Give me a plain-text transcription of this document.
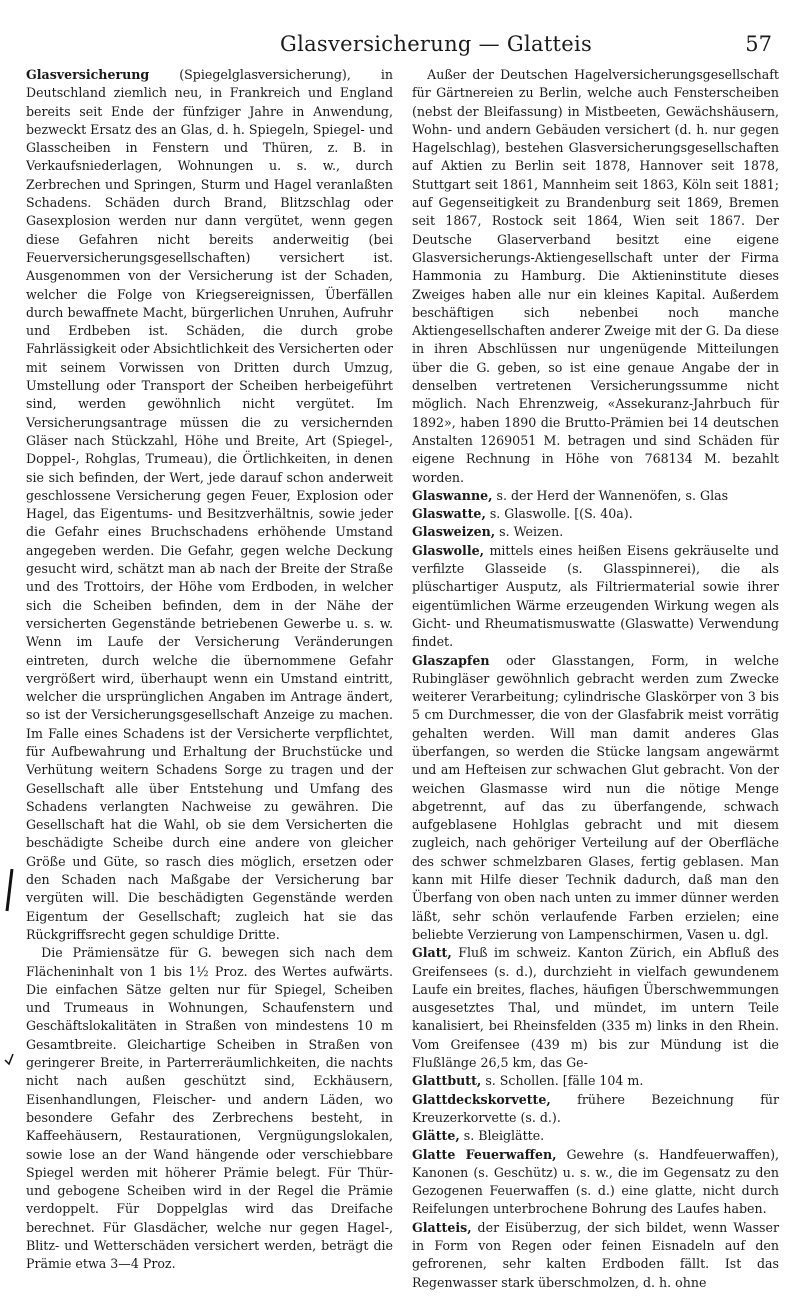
Glasversicherung — Glatteis	57

Glasversicherung (Spiegelglasversicherung), in Deutschland ziemlich neu, in Frankreich und England bereits seit Ende der fünfziger Jahre in Anwendung, bezweckt Ersatz des an Glas, d. h. Spiegeln, Spiegel- und Glasscheiben in Fenstern und Thüren, z. B. in Verkaufsniederlagen, Wohnungen u. s. w., durch Zerbrechen und Springen, Sturm und Hagel veranlaßten Schadens. Schäden durch Brand, Blitzschlag oder Gasexplosion werden nur dann vergütet, wenn gegen diese Gefahren nicht bereits anderweitig (bei Feuerversicherungsgesellschaften) versichert ist. Ausgenommen von der Versicherung ist der Schaden, welcher die Folge von Kriegsereignissen, Überfällen durch bewaffnete Macht, bürgerlichen Unruhen, Aufruhr und Erdbeben ist. Schäden, die durch grobe Fahrlässigkeit oder Absichtlichkeit des Versicherten oder mit seinem Vorwissen von Dritten durch Umzug, Umstellung oder Transport der Scheiben herbeigeführt sind, werden gewöhnlich nicht vergütet. Im Versicherungsantrage müssen die zu versichernden Gläser nach Stückzahl, Höhe und Breite, Art (Spiegel-, Doppel-, Rohglas, Trumeau), die Örtlichkeiten, in denen sie sich befinden, der Wert, jede darauf schon anderweit geschlossene Versicherung gegen Feuer, Explosion oder Hagel, das Eigentums- und Besitzverhältnis, sowie jeder die Gefahr eines Bruchschadens erhöhende Umstand angegeben werden. Die Gefahr, gegen welche Deckung gesucht wird, schätzt man ab nach der Breite der Straße und des Trottoirs, der Höhe vom Erdboden, in welcher sich die Scheiben befinden, dem in der Nähe der versicherten Gegenstände betriebenen Gewerbe u. s. w. Wenn im Laufe der Versicherung Veränderungen eintreten, durch welche die übernommene Gefahr vergrößert wird, überhaupt wenn ein Umstand eintritt, welcher die ursprünglichen Angaben im Antrage ändert, so ist der Versicherungsgesellschaft Anzeige zu machen. Im Falle eines Schadens ist der Versicherte verpflichtet, für Aufbewahrung und Erhaltung der Bruchstücke und Verhütung weitern Schadens Sorge zu tragen und der Gesellschaft alle über Entstehung und Umfang des Schadens verlangten Nachweise zu gewähren. Die Gesellschaft hat die Wahl, ob sie dem Versicherten die beschädigte Scheibe durch eine andere von gleicher Größe und Güte, so rasch dies möglich, ersetzen oder den Schaden nach Maßgabe der Versicherung bar vergüten will. Die beschädigten Gegenstände werden Eigentum der Gesellschaft; zugleich hat sie das Rückgriffsrecht gegen schuldige Dritte.

Die Prämiensätze für G. bewegen sich nach dem Flächeninhalt von 1 bis 1½ Proz. des Wertes aufwärts. Die einfachen Sätze gelten nur für Spiegel, Scheiben und Trumeaus in Wohnungen, Schaufenstern und Geschäftslokalitäten in Straßen von mindestens 10 m Gesamtbreite. Gleichartige Scheiben in Straßen von geringerer Breite, in Parterreräumlichkeiten, die nachts nicht nach außen geschützt sind, Eckhäusern, Eisenhandlungen, Fleischer- und andern Läden, wo besondere Gefahr des Zerbrechens besteht, in Kaffeehäusern, Restaurationen, Vergnügungslokalen, sowie lose an der Wand hängende oder verschiebbare Spiegel werden mit höherer Prämie belegt. Für Thür- und gebogene Scheiben wird in der Regel die Prämie verdoppelt. Für Doppelglas wird das Dreifache berechnet. Für Glasdächer, welche nur gegen Hagel-, Blitz- und Wetterschäden versichert werden, beträgt die Prämie etwa 3—4 Proz.

Außer der Deutschen Hagelversicherungsgesellschaft für Gärtnereien zu Berlin, welche auch Fensterscheiben (nebst der Bleifassung) in Mistbeeten, Gewächshäusern, Wohn- und andern Gebäuden versichert (d. h. nur gegen Hagelschlag), bestehen Glasversicherungsgesellschaften auf Aktien zu Berlin seit 1878, Hannover seit 1878, Stuttgart seit 1861, Mannheim seit 1863, Köln seit 1881; auf Gegenseitigkeit zu Brandenburg seit 1869, Bremen seit 1867, Rostock seit 1864, Wien seit 1867. Der Deutsche Glaserverband besitzt eine eigene Glasversicherungs-Aktiengesellschaft unter der Firma Hammonia zu Hamburg. Die Aktieninstitute dieses Zweiges haben alle nur ein kleines Kapital. Außerdem beschäftigen sich nebenbei noch manche Aktiengesellschaften anderer Zweige mit der G. Da diese in ihren Abschlüssen nur ungenügende Mitteilungen über die G. geben, so ist eine genaue Angabe der in denselben vertretenen Versicherungssumme nicht möglich. Nach Ehrenzweig, «Assekuranz-Jahrbuch für 1892», haben 1890 die Brutto-Prämien bei 14 deutschen Anstalten 1269051 M. betragen und sind Schäden für eigene Rechnung in Höhe von 768134 M. bezahlt worden.

Glaswanne, s. der Herd der Wannenöfen, s. Glas

Glaswatte, s. Glaswolle. [(S. 40a).

Glasweizen, s. Weizen.

Glaswolle, mittels eines heißen Eisens gekräuselte und verfilzte Glasseide (s. Glasspinnerei), die als plüschartiger Ausputz, als Filtriermaterial sowie ihrer eigentümlichen Wärme erzeugenden Wirkung wegen als Gicht- und Rheumatismuswatte (Glaswatte) Verwendung findet.

Glaszapfen oder Glasstangen, Form, in welche Rubingläser gewöhnlich gebracht werden zum Zwecke weiterer Verarbeitung; cylindrische Glaskörper von 3 bis 5 cm Durchmesser, die von der Glasfabrik meist vorrätig gehalten werden. Will man damit anderes Glas überfangen, so werden die Stücke langsam angewärmt und am Hefteisen zur schwachen Glut gebracht. Von der weichen Glasmasse wird nun die nötige Menge abgetrennt, auf das zu überfangende, schwach aufgeblasene Hohlglas gebracht und mit diesem zugleich, nach gehöriger Verteilung auf der Oberfläche des schwer schmelzbaren Glases, fertig geblasen. Man kann mit Hilfe dieser Technik dadurch, daß man den Überfang von oben nach unten zu immer dünner werden läßt, sehr schön verlaufende Farben erzielen; eine beliebte Verzierung von Lampenschirmen, Vasen u. dgl.

Glatt, Fluß im schweiz. Kanton Zürich, ein Abfluß des Greifensees (s. d.), durchzieht in vielfach gewundenem Laufe ein breites, flaches, häufigen Überschwemmungen ausgesetztes Thal, und mündet, im untern Teile kanalisiert, bei Rheinsfelden (335 m) links in den Rhein. Vom Greifensee (439 m) bis zur Mündung ist die Flußlänge 26,5 km, das Ge-

Glattbutt, s. Schollen. [fälle 104 m.

Glattdeckskorvette, frühere Bezeichnung für Kreuzerkorvette (s. d.).

Glätte, s. Bleiglätte.

Glatte Feuerwaffen, Gewehre (s. Handfeuerwaffen), Kanonen (s. Geschütz) u. s. w., die im Gegensatz zu den Gezogenen Feuerwaffen (s. d.) eine glatte, nicht durch Reifelungen unterbrochene Bohrung des Laufes haben.

Glatteis, der Eisüberzug, der sich bildet, wenn Wasser in Form von Regen oder feinen Eisnadeln auf den gefrorenen, sehr kalten Erdboden fällt. Ist das Regenwasser stark überschmolzen, d. h. ohne
